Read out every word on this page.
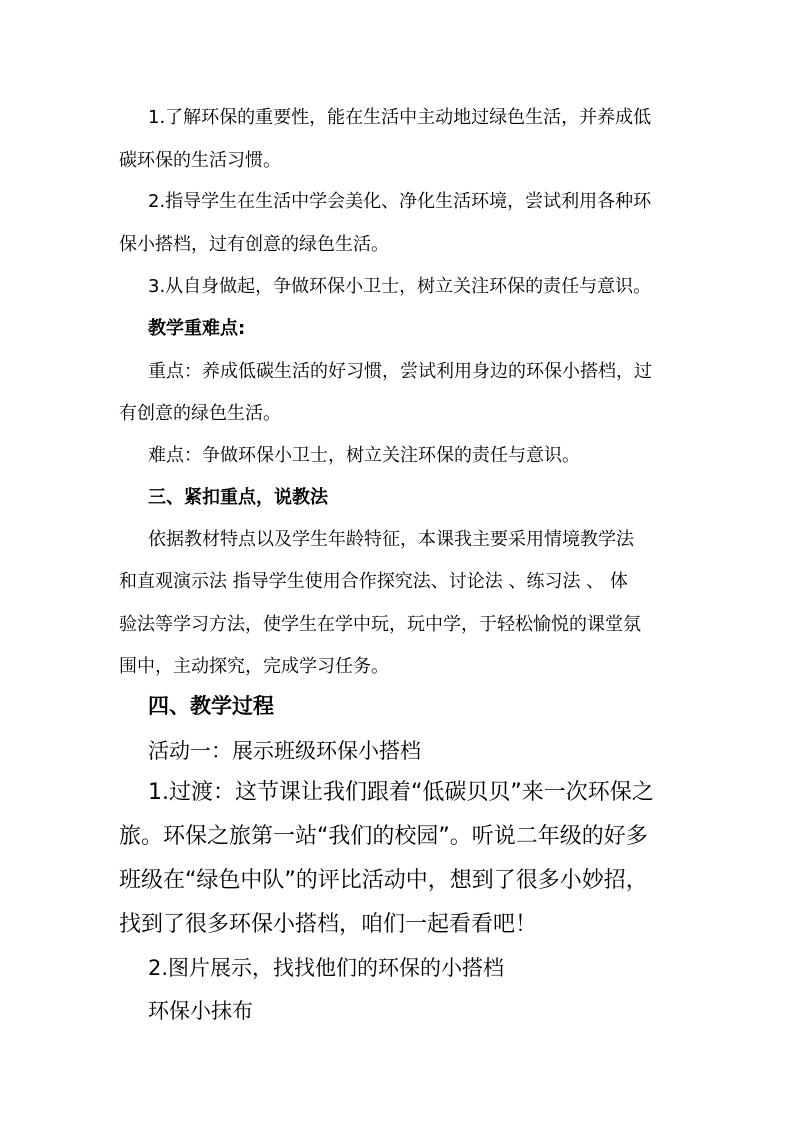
1.了解环保的重要性，能在生活中主动地过绿色生活，并养成低

碳环保的生活习惯。

2.指导学生在生活中学会美化、净化生活环境，尝试利用各种环

保小搭档，过有创意的绿色生活。

3.从自身做起，争做环保小卫士，树立关注环保的责任与意识。

教学重难点:

重点：养成低碳生活的好习惯，尝试利用身边的环保小搭档，过

有创意的绿色生活。

难点：争做环保小卫士，树立关注环保的责任与意识。

三、紧扣重点，说教法

依据教材特点以及学生年龄特征，本课我主要采用情境教学法

和直观演示法 指导学生使用合作探究法、讨论法 、练习法 、 体

验法等学习方法，使学生在学中玩，玩中学，于轻松愉悦的课堂氛

围中，主动探究，完成学习任务。

四、教学过程

活动一：展示班级环保小搭档

1.过渡：这节课让我们跟着“低碳贝贝”来一次环保之

旅。环保之旅第一站“我们的校园”。听说二年级的好多

班级在“绿色中队”的评比活动中，想到了很多小妙招，

找到了很多环保小搭档，咱们一起看看吧！

2.图片展示，找找他们的环保的小搭档

环保小抹布
